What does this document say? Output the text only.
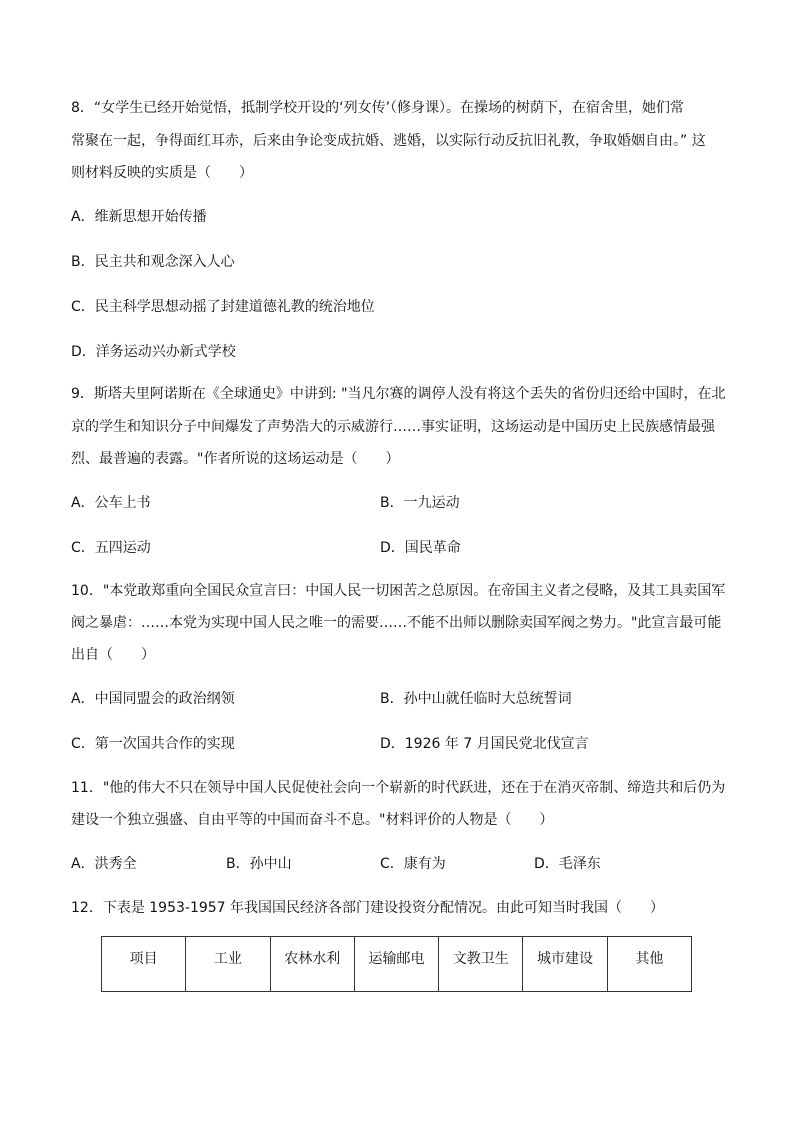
8．“女学生已经开始觉悟，抵制学校开设的‘列女传’（修身课）。在操场的树荫下，在宿舍里，她们常
常聚在一起，争得面红耳赤，后来由争论变成抗婚、逃婚，以实际行动反抗旧礼教，争取婚姻自由。” 这
则材料反映的实质是（　　）
A．维新思想开始传播
B．民主共和观念深入人心
C．民主科学思想动摇了封建道德礼教的统治地位
D．洋务运动兴办新式学校
9．斯塔夫里阿诺斯在《全球通史》中讲到: "当凡尔赛的调停人没有将这个丢失的省份归还给中国时，在北
京的学生和知识分子中间爆发了声势浩大的示威游行……事实证明，这场运动是中国历史上民族感情最强
烈、最普遍的表露。"作者所说的这场运动是（　　）
A．公车上书	B．一九运动
C．五四运动	D．国民革命
10．"本党敢郑重向全国民众宣言曰：中国人民一切困苦之总原因。在帝国主义者之侵略，及其工具卖国军
阀之暴虐：……本党为实现中国人民之唯一的需要……不能不出师以删除卖国军阀之势力。"此宣言最可能
出自（　　）
A．中国同盟会的政治纲领	B．孙中山就任临时大总统誓词
C．第一次国共合作的实现	D．1926 年 7 月国民党北伐宣言
11．"他的伟大不只在领导中国人民促使社会向一个崭新的时代跃进，还在于在消灭帝制、缔造共和后仍为
建设一个独立强盛、自由平等的中国而奋斗不息。"材料评价的人物是（　　）
A．洪秀全	B．孙中山	C．康有为	D．毛泽东
12．下表是 1953-1957 年我国国民经济各部门建设投资分配情况。由此可知当时我国（　　）
项目	工业	农林水利	运输邮电	文教卫生	城市建设	其他
